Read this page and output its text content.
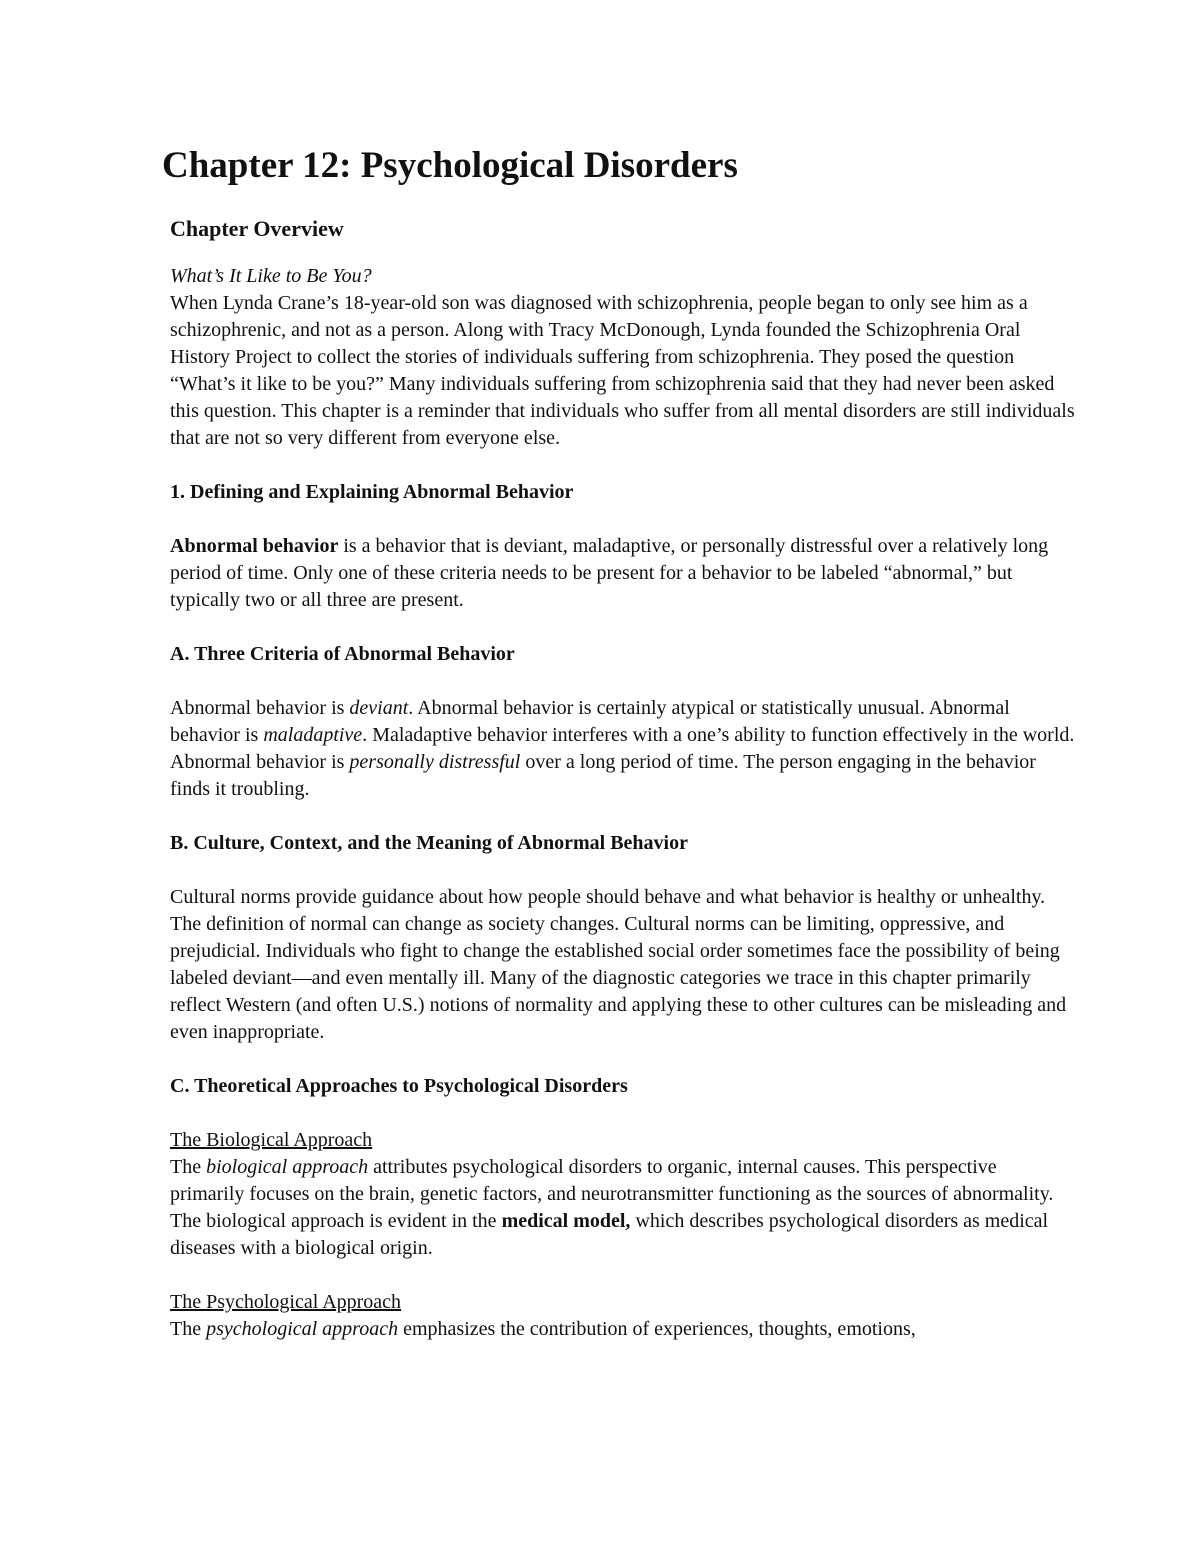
Chapter 12: Psychological Disorders

Chapter Overview

What’s It Like to Be You?

When Lynda Crane’s 18-year-old son was diagnosed with schizophrenia, people began to only see him as a schizophrenic, and not as a person. Along with Tracy McDonough, Lynda founded the Schizophrenia Oral History Project to collect the stories of individuals suffering from schizophrenia. They posed the question “What’s it like to be you?” Many individuals suffering from schizophrenia said that they had never been asked this question. This chapter is a reminder that individuals who suffer from all mental disorders are still individuals that are not so very different from everyone else.

1. Defining and Explaining Abnormal Behavior

Abnormal behavior is a behavior that is deviant, maladaptive, or personally distressful over a relatively long period of time. Only one of these criteria needs to be present for a behavior to be labeled “abnormal,” but typically two or all three are present.

A. Three Criteria of Abnormal Behavior

Abnormal behavior is deviant. Abnormal behavior is certainly atypical or statistically unusual. Abnormal behavior is maladaptive. Maladaptive behavior interferes with a one’s ability to function effectively in the world. Abnormal behavior is personally distressful over a long period of time. The person engaging in the behavior finds it troubling.

B. Culture, Context, and the Meaning of Abnormal Behavior

Cultural norms provide guidance about how people should behave and what behavior is healthy or unhealthy. The definition of normal can change as society changes. Cultural norms can be limiting, oppressive, and prejudicial. Individuals who fight to change the established social order sometimes face the possibility of being labeled deviant—and even mentally ill. Many of the diagnostic categories we trace in this chapter primarily reflect Western (and often U.S.) notions of normality and applying these to other cultures can be misleading and even inappropriate.

C. Theoretical Approaches to Psychological Disorders

The Biological Approach

The biological approach attributes psychological disorders to organic, internal causes. This perspective primarily focuses on the brain, genetic factors, and neurotransmitter functioning as the sources of abnormality. The biological approach is evident in the medical model, which describes psychological disorders as medical diseases with a biological origin.

The Psychological Approach

The psychological approach emphasizes the contribution of experiences, thoughts, emotions,
